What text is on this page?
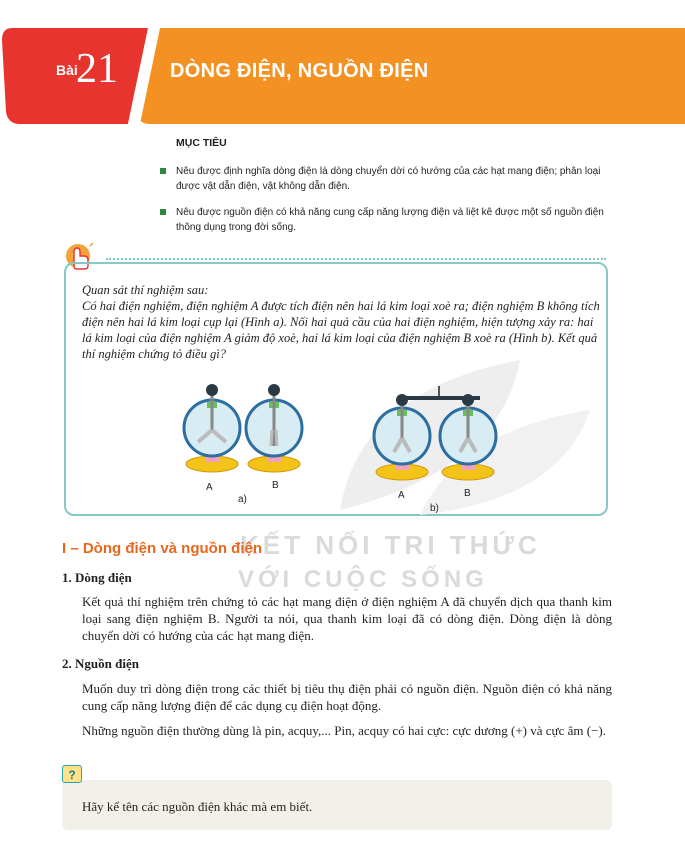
Bài
21	DÒNG ĐIỆN, NGUỒN ĐIỆN
MỤC TIÊU
Nêu được định nghĩa dòng điện là dòng chuyển dời có hướng của các hạt mang điện; phân loại được vật dẫn điện, vật không dẫn điện.
Nêu được nguồn điện có khả năng cung cấp năng lượng điện và liệt kê được một số nguồn điện thông dụng trong đời sống.
Quan sát thí nghiệm sau:
Có hai điện nghiệm, điện nghiệm A được tích điện nên hai lá kim loại xoè ra; điện nghiệm B không tích điện nên hai lá kim loại cụp lại (Hình a). Nối hai quả cầu của hai điện nghiệm, hiện tượng xảy ra: hai lá kim loại của điện nghiệm A giảm độ xoè, hai lá kim loại của điện nghiệm B xoè ra (Hình b). Kết quả thí nghiệm chứng tỏ điều gì?
A	B
a)	A	B
b)
KẾT NỐI TRI THỨC
VỚI CUỘC SỐNG
I – Dòng điện và nguồn điện
1. Dòng điện
Kết quả thí nghiệm trên chứng tỏ các hạt mang điện ở điện nghiệm A đã chuyển dịch qua thanh kim loại sang điện nghiệm B. Người ta nói, qua thanh kim loại đã có dòng điện. Dòng điện là dòng chuyển dời có hướng của các hạt mang điện.
2. Nguồn điện
Muốn duy trì dòng điện trong các thiết bị tiêu thụ điện phải có nguồn điện. Nguồn điện có khả năng cung cấp năng lượng điện để các dụng cụ điện hoạt động.
Những nguồn điện thường dùng là pin, acquy,... Pin, acquy có hai cực: cực dương (+) và cực âm (−).
?
Hãy kể tên các nguồn điện khác mà em biết.
